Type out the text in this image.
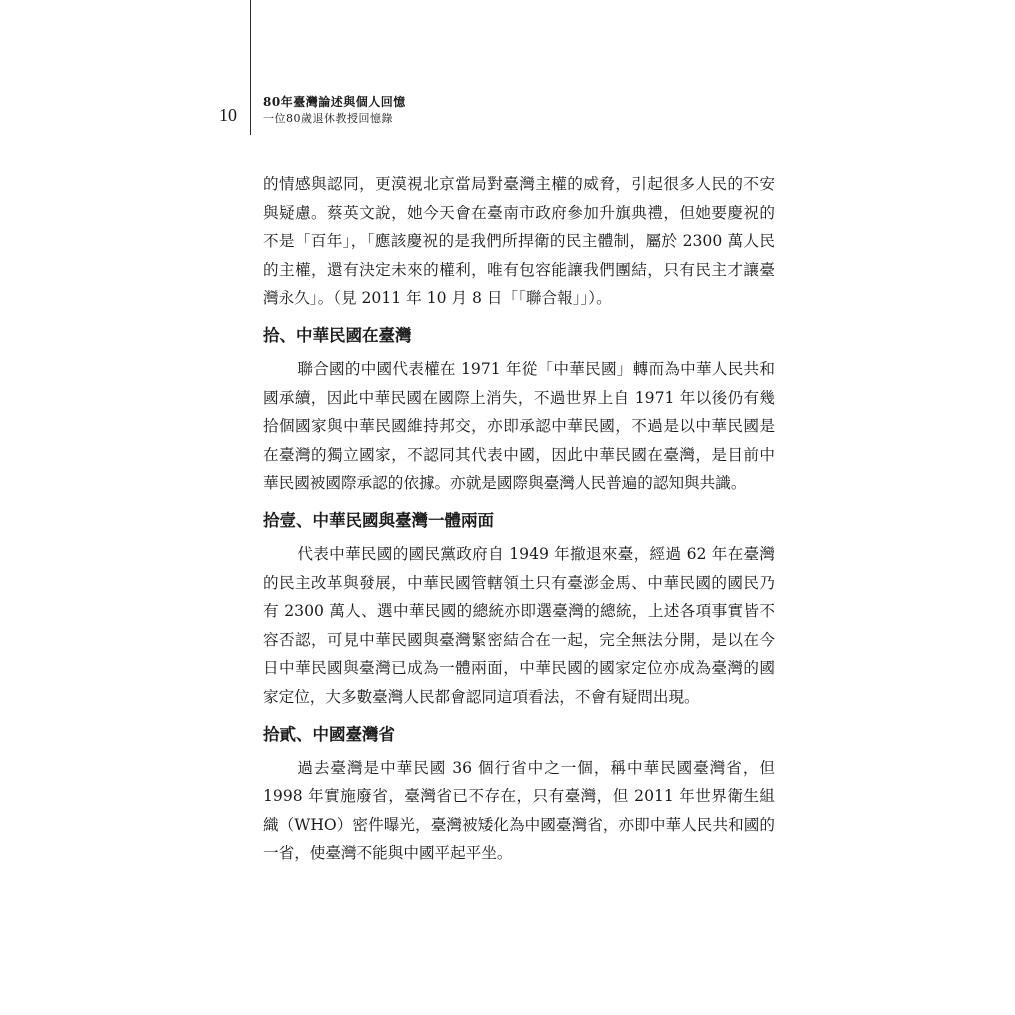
10
80年臺灣論述與個人回憶
一位80歲退休教授回憶錄

的情感與認同，更漠視北京當局對臺灣主權的威脅，引起很多人民的不安與疑慮。蔡英文說，她今天會在臺南市政府參加升旗典禮，但她要慶祝的不是「百年」，「應該慶祝的是我們所捍衛的民主體制，屬於 2300 萬人民的主權，還有決定未來的權利，唯有包容能讓我們團結，只有民主才讓臺灣永久」。（見 2011 年 10 月 8 日「「聯合報」」）。

拾、中華民國在臺灣

聯合國的中國代表權在 1971 年從「中華民國」轉而為中華人民共和國承續，因此中華民國在國際上消失，不過世界上自 1971 年以後仍有幾拾個國家與中華民國維持邦交，亦即承認中華民國，不過是以中華民國是在臺灣的獨立國家，不認同其代表中國，因此中華民國在臺灣，是目前中華民國被國際承認的依據。亦就是國際與臺灣人民普遍的認知與共識。

拾壹、中華民國與臺灣一體兩面

代表中華民國的國民黨政府自 1949 年撤退來臺，經過 62 年在臺灣的民主改革與發展，中華民國管轄領土只有臺澎金馬、中華民國的國民乃有 2300 萬人、選中華民國的總統亦即選臺灣的總統，上述各項事實皆不容否認，可見中華民國與臺灣緊密結合在一起，完全無法分開，是以在今日中華民國與臺灣已成為一體兩面，中華民國的國家定位亦成為臺灣的國家定位，大多數臺灣人民都會認同這項看法，不會有疑問出現。

拾貳、中國臺灣省

過去臺灣是中華民國 36 個行省中之一個，稱中華民國臺灣省，但 1998 年實施廢省，臺灣省已不存在，只有臺灣，但 2011 年世界衛生組織（WHO）密件曝光，臺灣被矮化為中國臺灣省，亦即中華人民共和國的一省，使臺灣不能與中國平起平坐。
